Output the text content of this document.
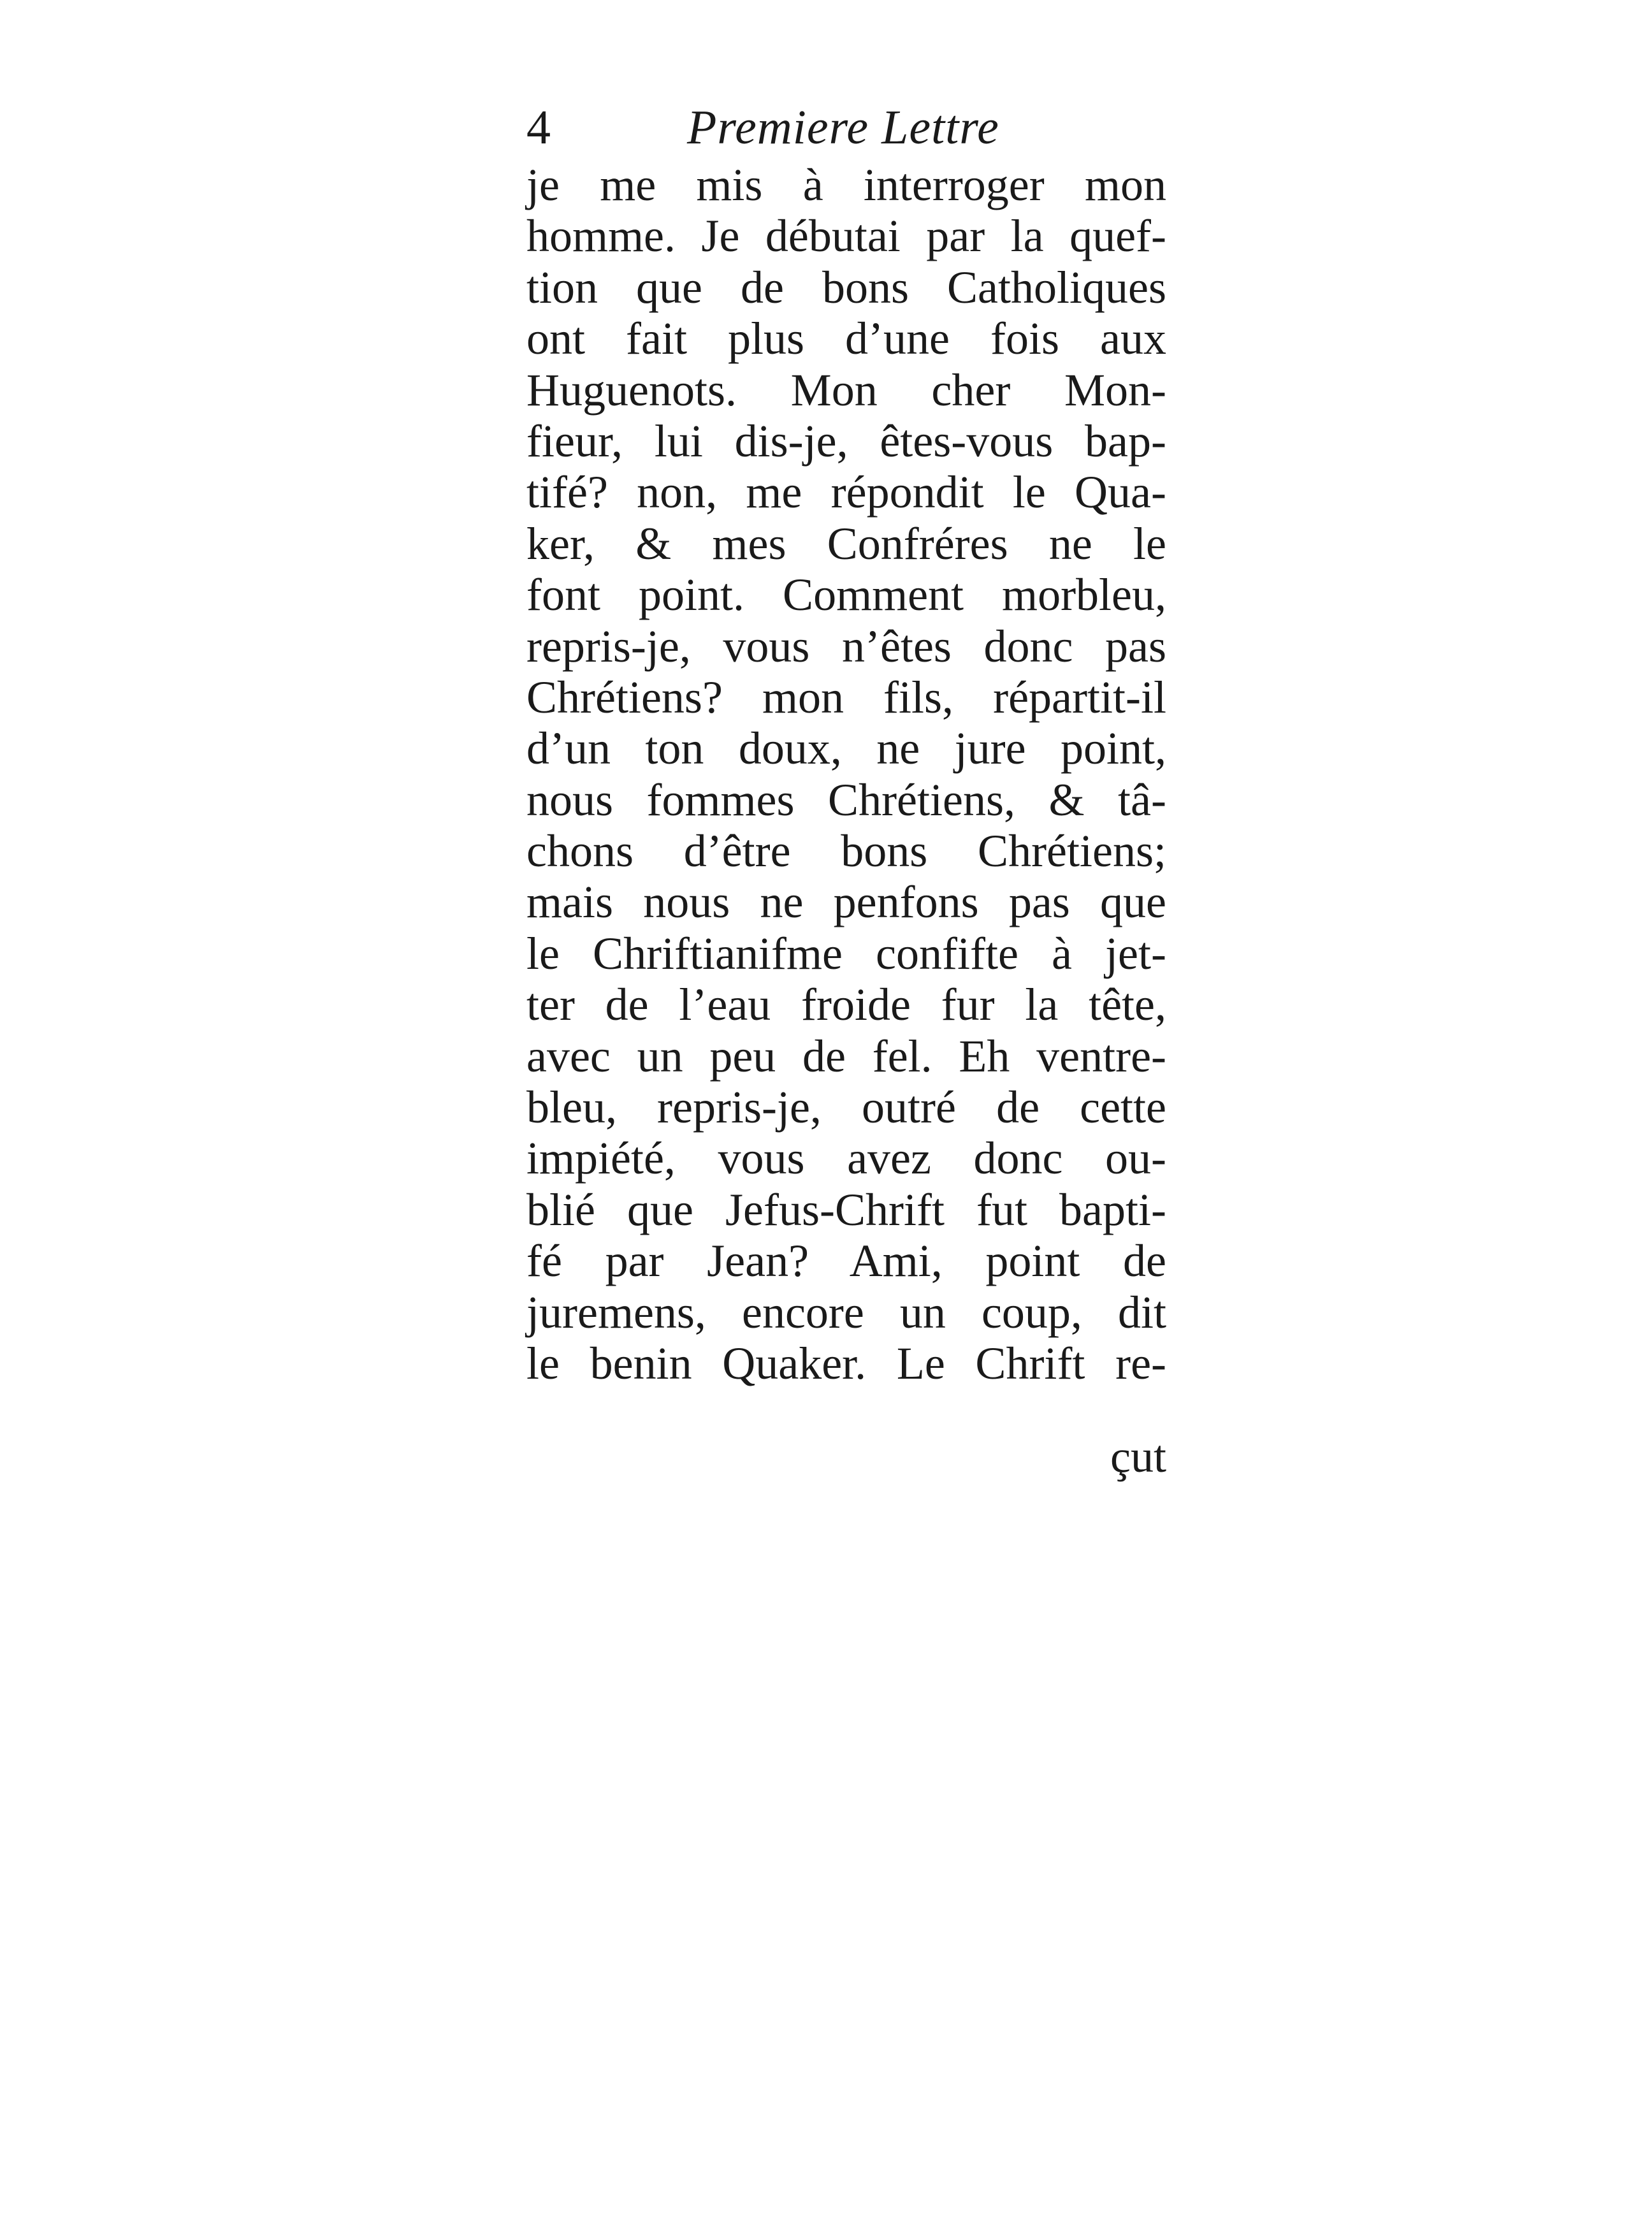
4	Premiere Lettre
je me mis à interroger mon
homme. Je débutai par la quef-
tion que de bons Catholiques
ont fait plus d’une fois aux
Huguenots. Mon cher Mon-
fieur, lui dis-je, êtes-vous bap-
tifé? non, me répondit le Qua-
ker, & mes Confréres ne le
font point. Comment morbleu,
repris-je, vous n’êtes donc pas
Chrétiens? mon fils, répartit-il
d’un ton doux, ne jure point,
nous fommes Chrétiens, & tâ-
chons d’être bons Chrétiens;
mais nous ne penfons pas que
le Chriftianifme confifte à jet-
ter de l’eau froide fur la tête,
avec un peu de fel. Eh ventre-
bleu, repris-je, outré de cette
impiété, vous avez donc ou-
blié que Jefus-Chrift fut bapti-
fé par Jean? Ami, point de
juremens, encore un coup, dit
le benin Quaker. Le Chrift re-
çut
